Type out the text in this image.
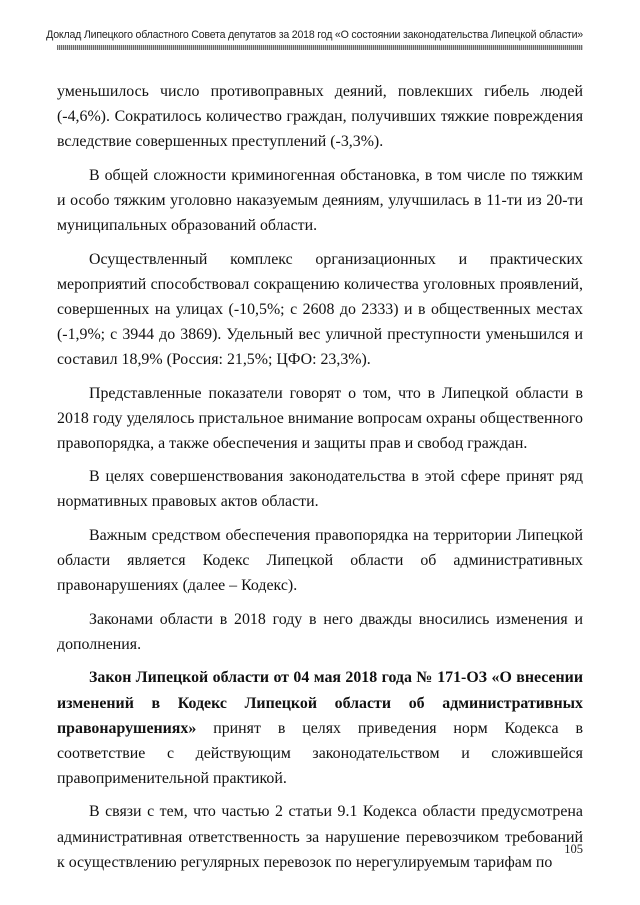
Доклад Липецкого областного Совета депутатов за 2018 год «О состоянии законодательства Липецкой области»

уменьшилось число противоправных деяний, повлекших гибель людей (-4,6%). Сократилось количество граждан, получивших тяжкие повреждения вследствие совершенных преступлений (-3,3%).

В общей сложности криминогенная обстановка, в том числе по тяжким и особо тяжким уголовно наказуемым деяниям, улучшилась в 11-ти из 20-ти муниципальных образований области.

Осуществленный комплекс организационных и практических мероприятий способствовал сокращению количества уголовных проявлений, совершенных на улицах (-10,5%; с 2608 до 2333) и в общественных местах (-1,9%; с 3944 до 3869). Удельный вес уличной преступности уменьшился и составил 18,9% (Россия: 21,5%; ЦФО: 23,3%).

Представленные показатели говорят о том, что в Липецкой области в 2018 году уделялось пристальное внимание вопросам охраны общественного правопорядка, а также обеспечения и защиты прав и свобод граждан.

В целях совершенствования законодательства в этой сфере принят ряд нормативных правовых актов области.

Важным средством обеспечения правопорядка на территории Липецкой области является Кодекс Липецкой области об административных правонарушениях (далее – Кодекс).

Законами области в 2018 году в него дважды вносились изменения и дополнения.

Закон Липецкой области от 04 мая 2018 года № 171-ОЗ «О внесении изменений в Кодекс Липецкой области об административных правонарушениях» принят в целях приведения норм Кодекса в соответствие с действующим законодательством и сложившейся правоприменительной практикой.

В связи с тем, что частью 2 статьи 9.1 Кодекса области предусмотрена административная ответственность за нарушение перевозчиком требований к осуществлению регулярных перевозок по нерегулируемым тарифам по

105
